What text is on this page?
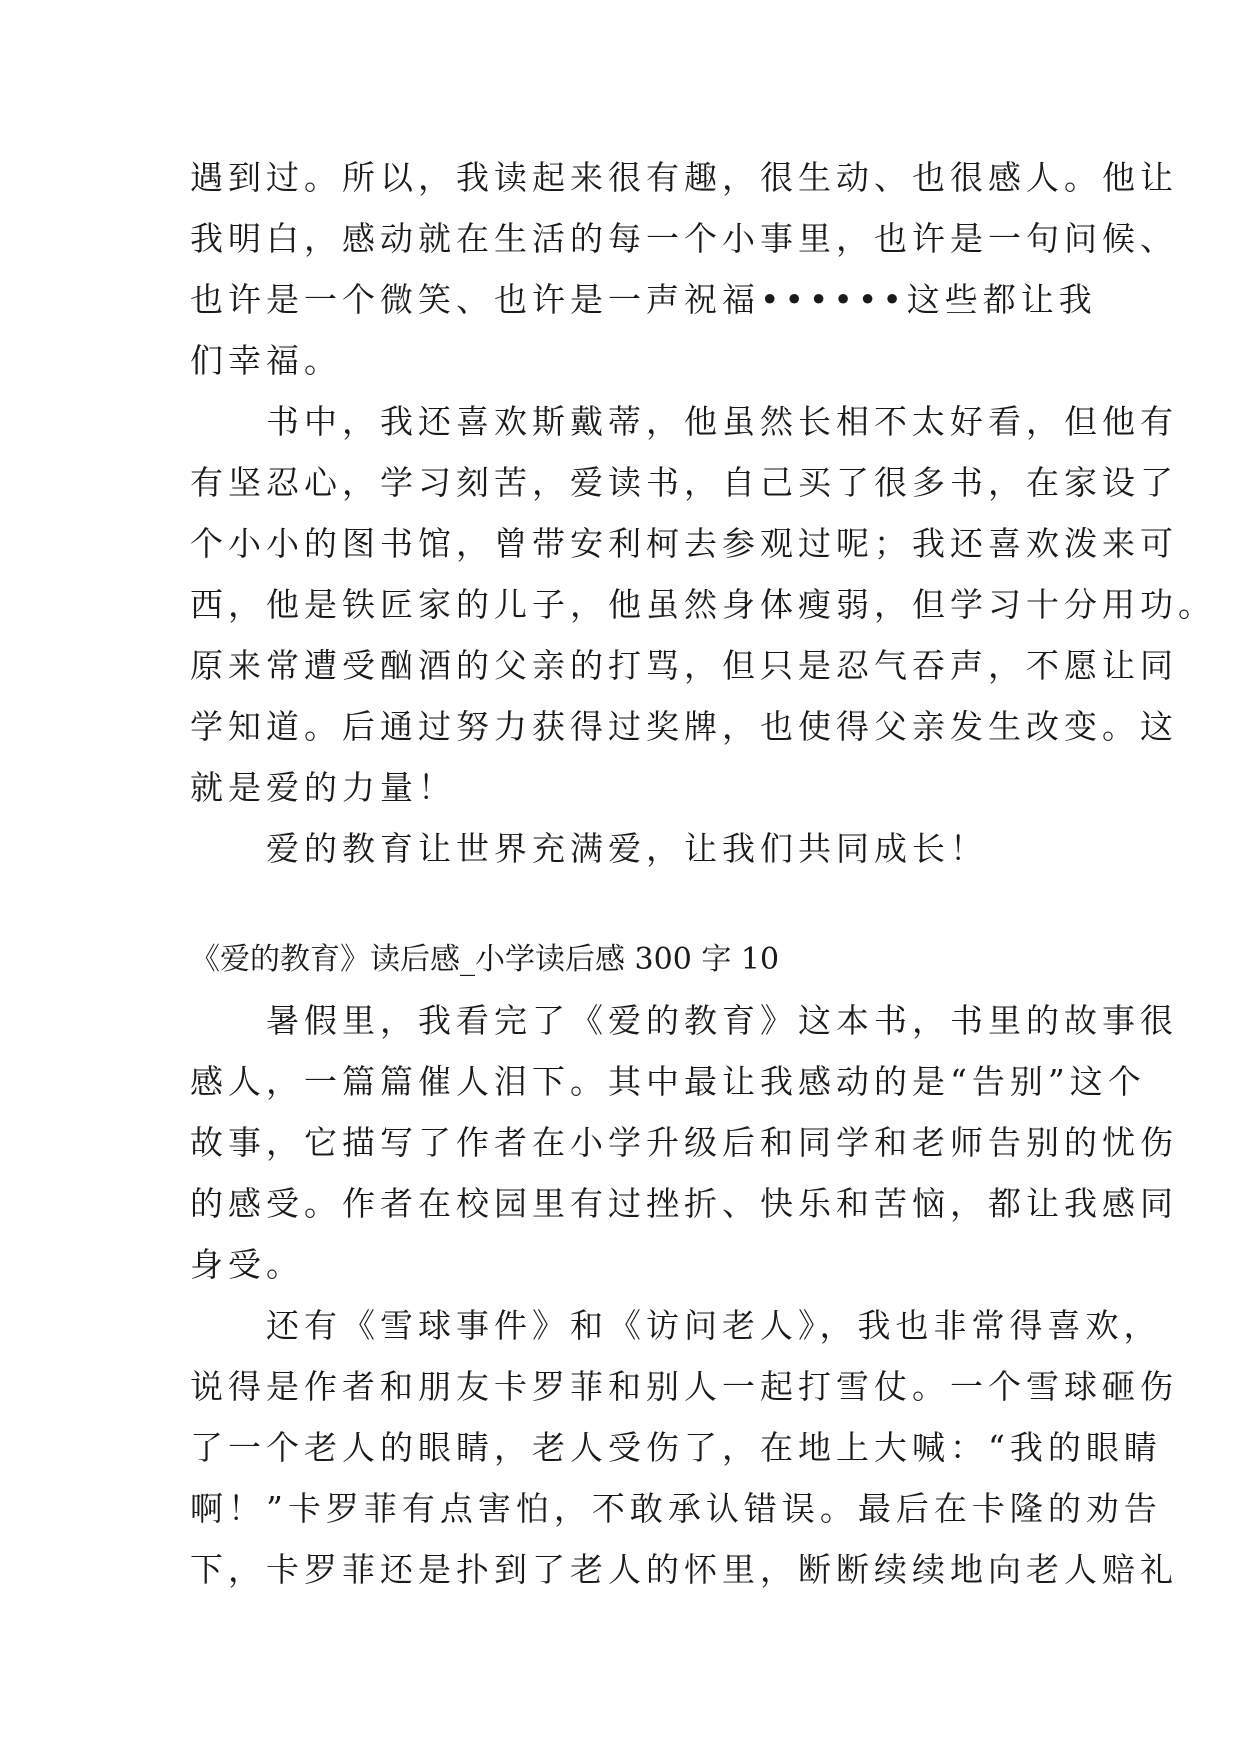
遇到过。所以，我读起来很有趣，很生动、也很感人。他让
我明白，感动就在生活的每一个小事里，也许是一句问候、
也许是一个微笑、也许是一声祝福••••••这些都让我
们幸福。
　　书中，我还喜欢斯戴蒂，他虽然长相不太好看，但他有
有坚忍心，学习刻苦，爱读书，自己买了很多书，在家设了
个小小的图书馆，曾带安利柯去参观过呢；我还喜欢泼来可
西，他是铁匠家的儿子，他虽然身体瘦弱，但学习十分用功。
原来常遭受酗酒的父亲的打骂，但只是忍气吞声，不愿让同
学知道。后通过努力获得过奖牌，也使得父亲发生改变。这
就是爱的力量！
　　爱的教育让世界充满爱，让我们共同成长！
《爱的教育》读后感_小学读后感 300 字 10
　　暑假里，我看完了《爱的教育》这本书，书里的故事很
感人，一篇篇催人泪下。其中最让我感动的是“告别”这个
故事，它描写了作者在小学升级后和同学和老师告别的忧伤
的感受。作者在校园里有过挫折、快乐和苦恼，都让我感同
身受。
　　还有《雪球事件》和《访问老人》，我也非常得喜欢，
说得是作者和朋友卡罗菲和别人一起打雪仗。一个雪球砸伤
了一个老人的眼睛，老人受伤了，在地上大喊：“我的眼睛
啊！”卡罗菲有点害怕，不敢承认错误。最后在卡隆的劝告
下，卡罗菲还是扑到了老人的怀里，断断续续地向老人赔礼
